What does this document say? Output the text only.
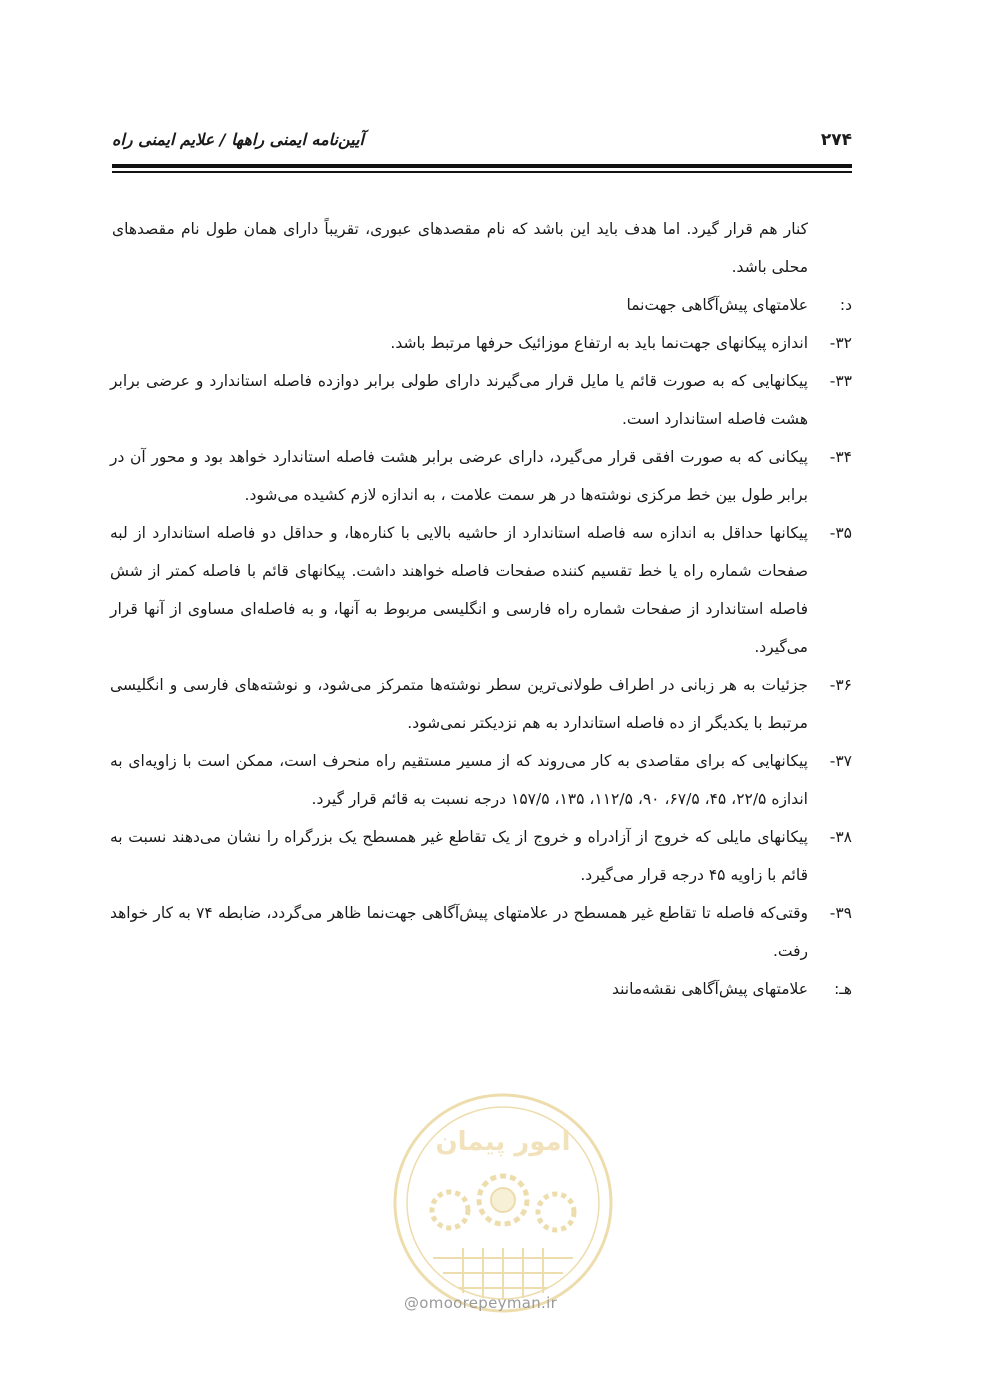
۲۷۴
آیین‌نامه ایمنی راهها / علایم ایمنی راه
کنار هم قرار گیرد. اما هدف باید این باشد که نام مقصدهای عبوری، تقریباً دارای همان طول نام مقصدهای محلی باشد.
د:
علامتهای پیش‌آگاهی جهت‌نما
۳۲-
اندازه پیکانهای جهت‌نما باید به ارتفاع موزائیک حرفها مرتبط باشد.
۳۳-
پیکانهایی که به صورت قائم یا مایل قرار می‌گیرند دارای طولی برابر دوازده فاصله استاندارد و عرضی برابر هشت فاصله استاندارد است.
۳۴-
پیکانی که به صورت افقی قرار می‌گیرد، دارای عرضی برابر هشت فاصله استاندارد خواهد بود و محور آن در برابر طول بین خط مرکزی نوشته‌ها در هر سمت علامت ، به اندازه لازم کشیده می‌شود.
۳۵-
پیکانها حداقل به اندازه سه فاصله استاندارد از حاشیه بالایی با کناره‌ها، و حداقل دو فاصله استاندارد از لبه صفحات شماره راه یا خط تقسیم کننده صفحات فاصله خواهند داشت. پیکانهای قائم با فاصله کمتر از شش فاصله استاندارد از صفحات شماره راه فارسی و انگلیسی مربوط به آنها، و به فاصله‌ای مساوی از آنها قرار می‌گیرد.
۳۶-
جزئیات به هر زبانی در اطراف طولانی‌ترین سطر نوشته‌ها متمرکز می‌شود، و نوشته‌های فارسی و انگلیسی مرتبط با یکدیگر از ده فاصله استاندارد به هم نزدیکتر نمی‌شود.
۳۷-
پیکانهایی که برای مقاصدی به کار می‌روند که از مسیر مستقیم راه منحرف است، ممکن است با زاویه‌ای به اندازه ۲۲/۵، ۴۵، ۶۷/۵، ۹۰، ۱۱۲/۵، ۱۳۵، ۱۵۷/۵ درجه نسبت به قائم قرار گیرد.
۳۸-
پیکانهای مایلی که خروج از آزادراه و خروج از یک تقاطع غیر همسطح یک بزرگراه را نشان می‌دهند نسبت به قائم با زاویه ۴۵ درجه قرار می‌گیرد.
۳۹-
وقتی‌که فاصله تا تقاطع غیر همسطح در علامتهای پیش‌آگاهی جهت‌نما ظاهر می‌گردد، ضابطه ۷۴ به کار خواهد رفت.
هـ:
علامتهای پیش‌آگاهی نقشه‌مانند
امور پیمان
@omoorepeyman.ir
